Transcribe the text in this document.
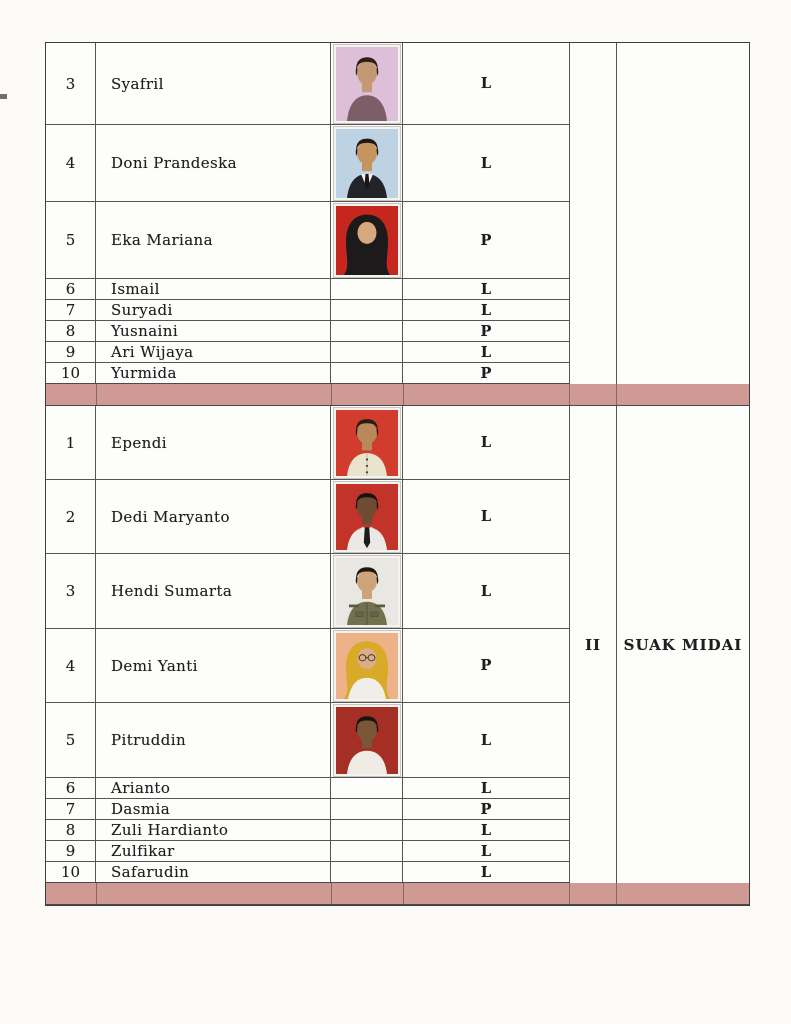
3 Syafril	L
4 Doni Prandeska	L
5 Eka Mariana	P
6 Ismail	L
7 Suryadi	L
8 Yusnaini	P
9 Ari Wijaya	L
10 Yurmida	P
1 Ependi	L
2 Dedi Maryanto	L
3 Hendi Sumarta	L
4 Demi Yanti	P
5 Pitruddin	L
6 Arianto	L
7 Dasmia	P
8 Zuli Hardianto	L
9 Zulfikar	L
10 Safarudin	L
II SUAK MIDAI
